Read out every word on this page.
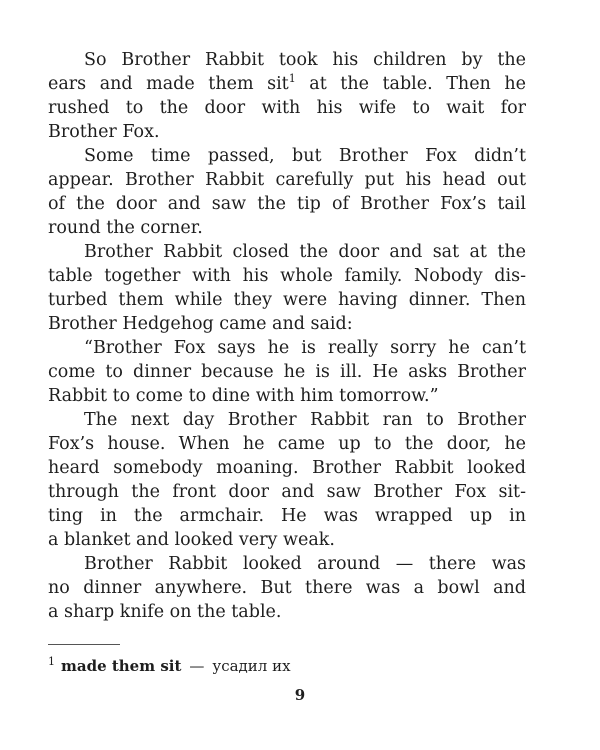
So Brother Rabbit took his children by the
ears and made them sit$^1$ at the table. Then he
rushed to the door with his wife to wait for
Brother Fox.
Some time passed, but Brother Fox didn’t
appear. Brother Rabbit carefully put his head out
of the door and saw the tip of Brother Fox’s tail
round the corner.
Brother Rabbit closed the door and sat at the
table together with his whole family. Nobody dis-
turbed them while they were having dinner. Then
Brother Hedgehog came and said:
“Brother Fox says he is really sorry he can’t
come to dinner because he is ill. He asks Brother
Rabbit to come to dine with him tomorrow.”
The next day Brother Rabbit ran to Brother
Fox’s house. When he came up to the door, he
heard somebody moaning. Brother Rabbit looked
through the front door and saw Brother Fox sit-
ting in the armchair. He was wrapped up in
a blanket and looked very weak.
Brother Rabbit looked around — there was
no dinner anywhere. But there was a bowl and
a sharp knife on the table.
$^1$ made them sit — усадил их
9
